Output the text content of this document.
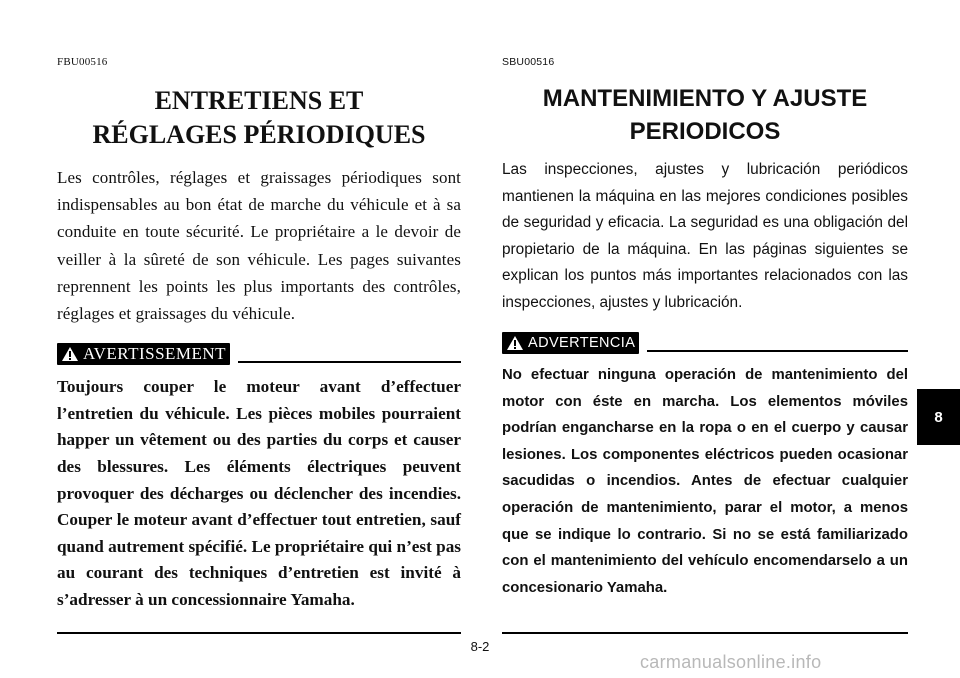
FBU00516

ENTRETIENS ET
RÉGLAGES PÉRIODIQUES

Les contrôles, réglages et graissages périodiques sont indispensables au bon état de marche du véhicule et à sa conduite en toute sécurité. Le propriétaire a le devoir de veiller à la sûreté de son véhicule. Les pages suivantes reprennent les points les plus importants des contrôles, réglages et graissages du véhicule.

AVERTISSEMENT

Toujours couper le moteur avant d’effectuer l’entretien du véhicule. Les pièces mobiles pourraient happer un vêtement ou des parties du corps et causer des blessures. Les éléments électriques peuvent provoquer des décharges ou déclencher des incendies. Couper le moteur avant d’effectuer tout entretien, sauf quand autrement spécifié. Le propriétaire qui n’est pas au courant des techniques d’entretien est invité à s’adresser à un concessionnaire Yamaha.

SBU00516

MANTENIMIENTO Y AJUSTE
PERIODICOS

Las inspecciones, ajustes y lubricación periódicos mantienen la máquina en las mejores condiciones posibles de seguridad y eficacia. La seguridad es una obligación del propietario de la máquina. En las páginas siguientes se explican los puntos más importantes relacionados con las inspecciones, ajustes y lubricación.

ADVERTENCIA

No efectuar ninguna operación de mantenimiento del motor con éste en marcha. Los elementos móviles podrían engancharse en la ropa o en el cuerpo y causar lesiones. Los componentes eléctricos pueden ocasionar sacudidas o incendios. Antes de efectuar cualquier operación de mantenimiento, parar el motor, a menos que se indique lo contrario. Si no se está familiarizado con el mantenimiento del vehículo encomendarselo a un concesionario Yamaha.

8-2
8
carmanualsonline.info
